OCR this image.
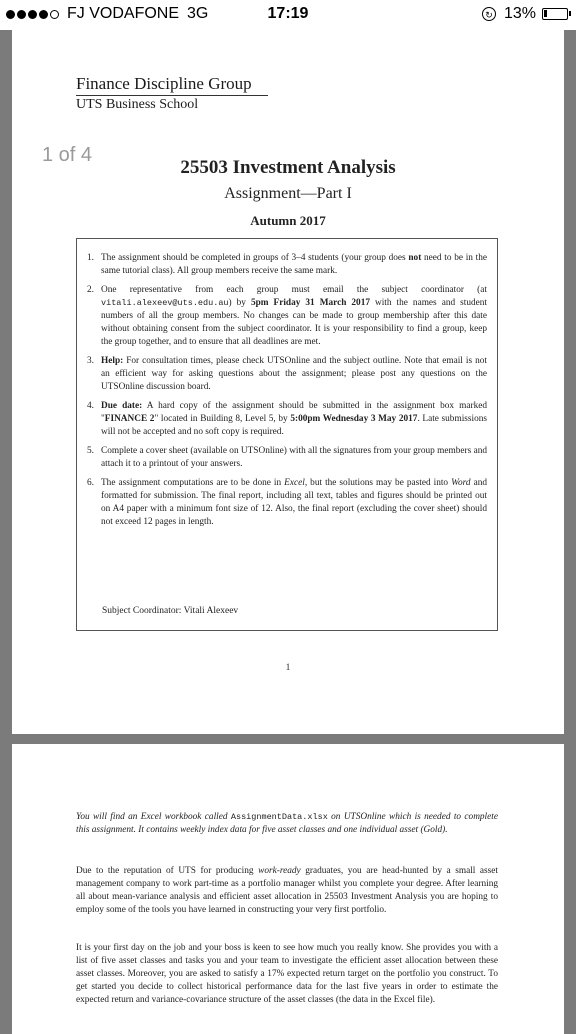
FJ VODAFONE 3G	17:19	↻ 13%
Finance Discipline Group
UTS Business School
1 of 4
25503 Investment Analysis
Assignment—Part I
Autumn 2017
1. The assignment should be completed in groups of 3–4 students (your group does not need to be in the same tutorial class). All group members receive the same mark.
2. One representative from each group must email the subject coordinator (at vitali.alexeev@uts.edu.au) by 5pm Friday 31 March 2017 with the names and student numbers of all the group members. No changes can be made to group membership after this date without obtaining consent from the subject coordinator. It is your responsibility to find a group, keep the group together, and to ensure that all deadlines are met.
3. Help: For consultation times, please check UTSOnline and the subject outline. Note that email is not an efficient way for asking questions about the assignment; please post any questions on the UTSOnline discussion board.
4. Due date: A hard copy of the assignment should be submitted in the assignment box marked "FINANCE 2" located in Building 8, Level 5, by 5:00pm Wednesday 3 May 2017. Late submissions will not be accepted and no soft copy is required.
5. Complete a cover sheet (available on UTSOnline) with all the signatures from your group members and attach it to a printout of your answers.
6. The assignment computations are to be done in Excel, but the solutions may be pasted into Word and formatted for submission. The final report, including all text, tables and figures should be printed out on A4 paper with a minimum font size of 12. Also, the final report (excluding the cover sheet) should not exceed 12 pages in length.
Subject Coordinator: Vitali Alexeev
1
You will find an Excel workbook called AssignmentData.xlsx on UTSOnline which is needed to complete this assignment. It contains weekly index data for five asset classes and one individual asset (Gold).
Due to the reputation of UTS for producing work-ready graduates, you are head-hunted by a small asset management company to work part-time as a portfolio manager whilst you complete your degree. After learning all about mean-variance analysis and efficient asset allocation in 25503 Investment Analysis you are hoping to employ some of the tools you have learned in constructing your very first portfolio.
It is your first day on the job and your boss is keen to see how much you really know. She provides you with a list of five asset classes and tasks you and your team to investigate the efficient asset allocation between these asset classes. Moreover, you are asked to satisfy a 17% expected return target on the portfolio you construct. To get started you decide to collect historical performance data for the last five years in order to estimate the expected return and variance-covariance structure of the asset classes (the data in the Excel file).
